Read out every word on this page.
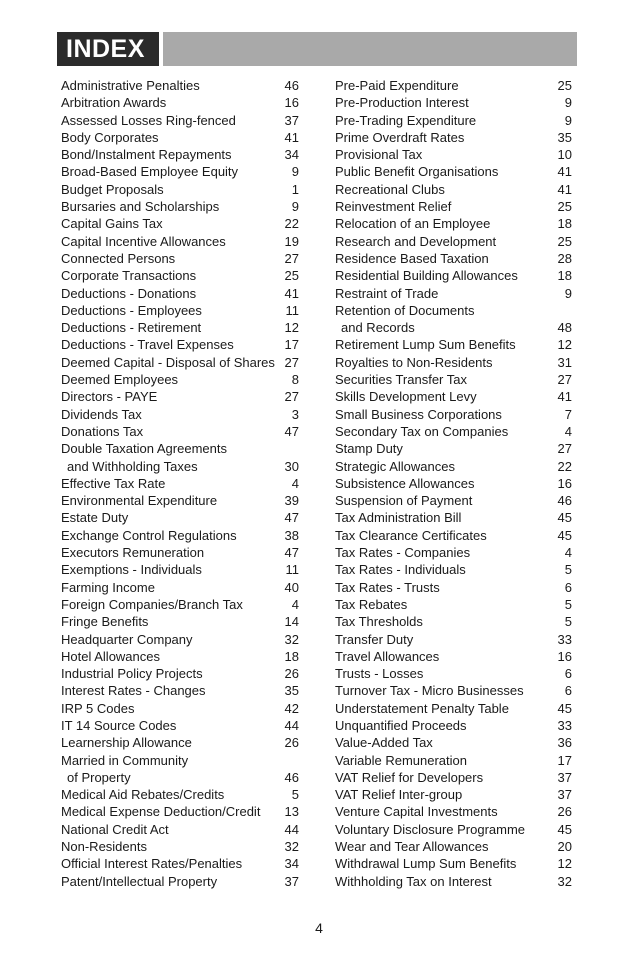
INDEX
Administrative Penalties	46
Arbitration Awards	16
Assessed Losses Ring-fenced	37
Body Corporates	41
Bond/Instalment Repayments	34
Broad-Based Employee Equity	9
Budget Proposals	1
Bursaries and Scholarships	9
Capital Gains Tax	22
Capital Incentive Allowances	19
Connected Persons	27
Corporate Transactions	25
Deductions - Donations	41
Deductions - Employees	11
Deductions - Retirement	12
Deductions - Travel Expenses	17
Deemed Capital - Disposal of Shares 27
Deemed Employees	8
Directors - PAYE	27
Dividends Tax	3
Donations Tax	47
Double Taxation Agreements
and Withholding Taxes	30
Effective Tax Rate	4
Environmental Expenditure	39
Estate Duty	47
Exchange Control Regulations	38
Executors Remuneration	47
Exemptions - Individuals	11
Farming Income	40
Foreign Companies/Branch Tax	4
Fringe Benefits	14
Headquarter Company	32
Hotel Allowances	18
Industrial Policy Projects	26
Interest Rates - Changes	35
IRP 5 Codes	42
IT 14 Source Codes	44
Learnership Allowance	26
Married in Community
of Property	46
Medical Aid Rebates/Credits	5
Medical Expense Deduction/Credit	13
National Credit Act	44
Non-Residents	32
Official Interest Rates/Penalties	34
Patent/Intellectual Property	37
Pre-Paid Expenditure	25
Pre-Production Interest	9
Pre-Trading Expenditure	9
Prime Overdraft Rates	35
Provisional Tax	10
Public Benefit Organisations	41
Recreational Clubs	41
Reinvestment Relief	25
Relocation of an Employee	18
Research and Development	25
Residence Based Taxation	28
Residential Building Allowances	18
Restraint of Trade	9
Retention of Documents
and Records	48
Retirement Lump Sum Benefits	12
Royalties to Non-Residents	31
Securities Transfer Tax	27
Skills Development Levy	41
Small Business Corporations	7
Secondary Tax on Companies	4
Stamp Duty	27
Strategic Allowances	22
Subsistence Allowances	16
Suspension of Payment	46
Tax Administration Bill	45
Tax Clearance Certificates	45
Tax Rates - Companies	4
Tax Rates - Individuals	5
Tax Rates - Trusts	6
Tax Rebates	5
Tax Thresholds	5
Transfer Duty	33
Travel Allowances	16
Trusts - Losses	6
Turnover Tax - Micro Businesses	6
Understatement Penalty Table	45
Unquantified Proceeds	33
Value-Added Tax	36
Variable Remuneration	17
VAT Relief for Developers	37
VAT Relief Inter-group	37
Venture Capital Investments	26
Voluntary Disclosure Programme	45
Wear and Tear Allowances	20
Withdrawal Lump Sum Benefits	12
Withholding Tax on Interest	32
4
